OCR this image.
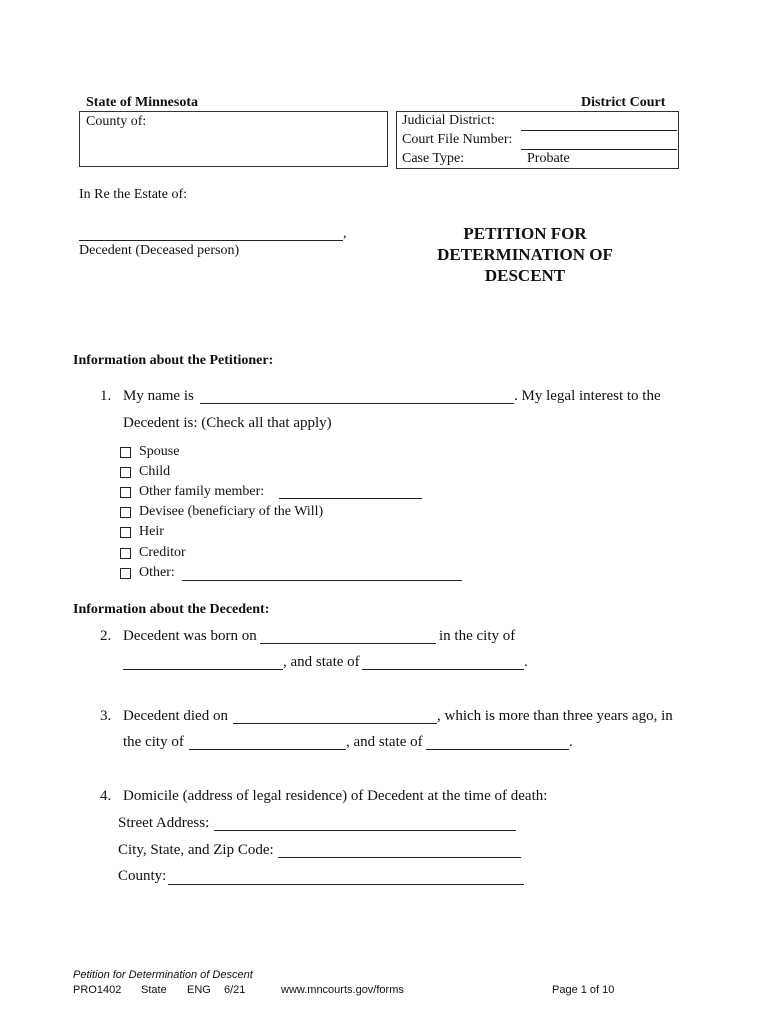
State of Minnesota	District Court
County of:	Judicial District:
Court File Number:
Case Type:	Probate
In Re the Estate of:
,
Decedent (Deceased person)
PETITION FOR
DETERMINATION OF
DESCENT
Information about the Petitioner:
1. My name is	. My legal interest to the
Decedent is: (Check all that apply)
Spouse
Child
Other family member:
Devisee (beneficiary of the Will)
Heir
Creditor
Other:
Information about the Decedent:
2. Decedent was born on	in the city of
, and state of	.
3. Decedent died on	, which is more than three years ago, in
the city of	, and state of	.
4. Domicile (address of legal residence) of Decedent at the time of death:
Street Address:
City, State, and Zip Code:
County:
Petition for Determination of Descent
PRO1402 State ENG 6/21	www.mncourts.gov/forms	Page 1 of 10
